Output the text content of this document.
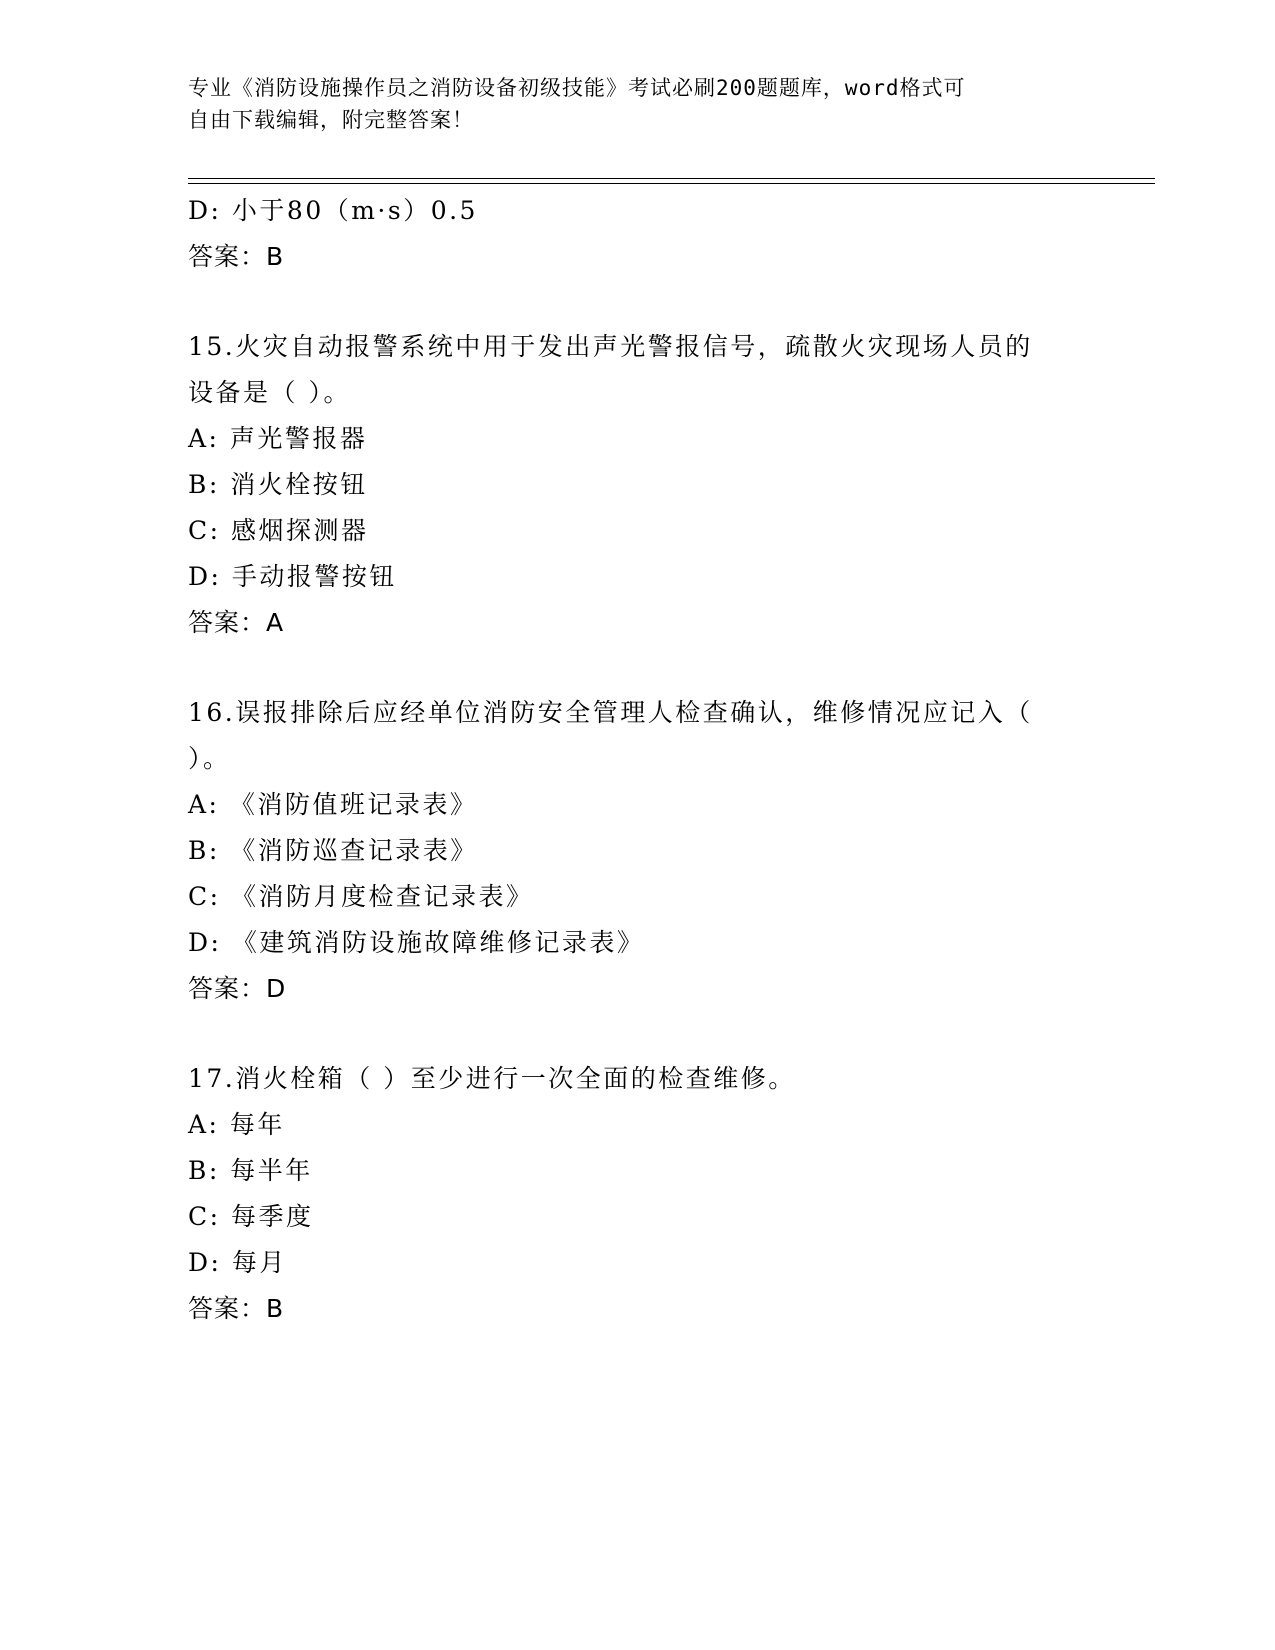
专业《消防设施操作员之消防设备初级技能》考试必刷200题题库，word格式可
自由下载编辑，附完整答案！
D: 小于80（m·s）0.5
答案：B
15.火灾自动报警系统中用于发出声光警报信号，疏散火灾现场人员的
设备是（ ）。
A: 声光警报器
B: 消火栓按钮
C: 感烟探测器
D: 手动报警按钮
答案：A
16.误报排除后应经单位消防安全管理人检查确认，维修情况应记入（
）。
A: 《消防值班记录表》
B: 《消防巡查记录表》
C: 《消防月度检查记录表》
D: 《建筑消防设施故障维修记录表》
答案：D
17.消火栓箱（ ）至少进行一次全面的检查维修。
A: 每年
B: 每半年
C: 每季度
D: 每月
答案：B
